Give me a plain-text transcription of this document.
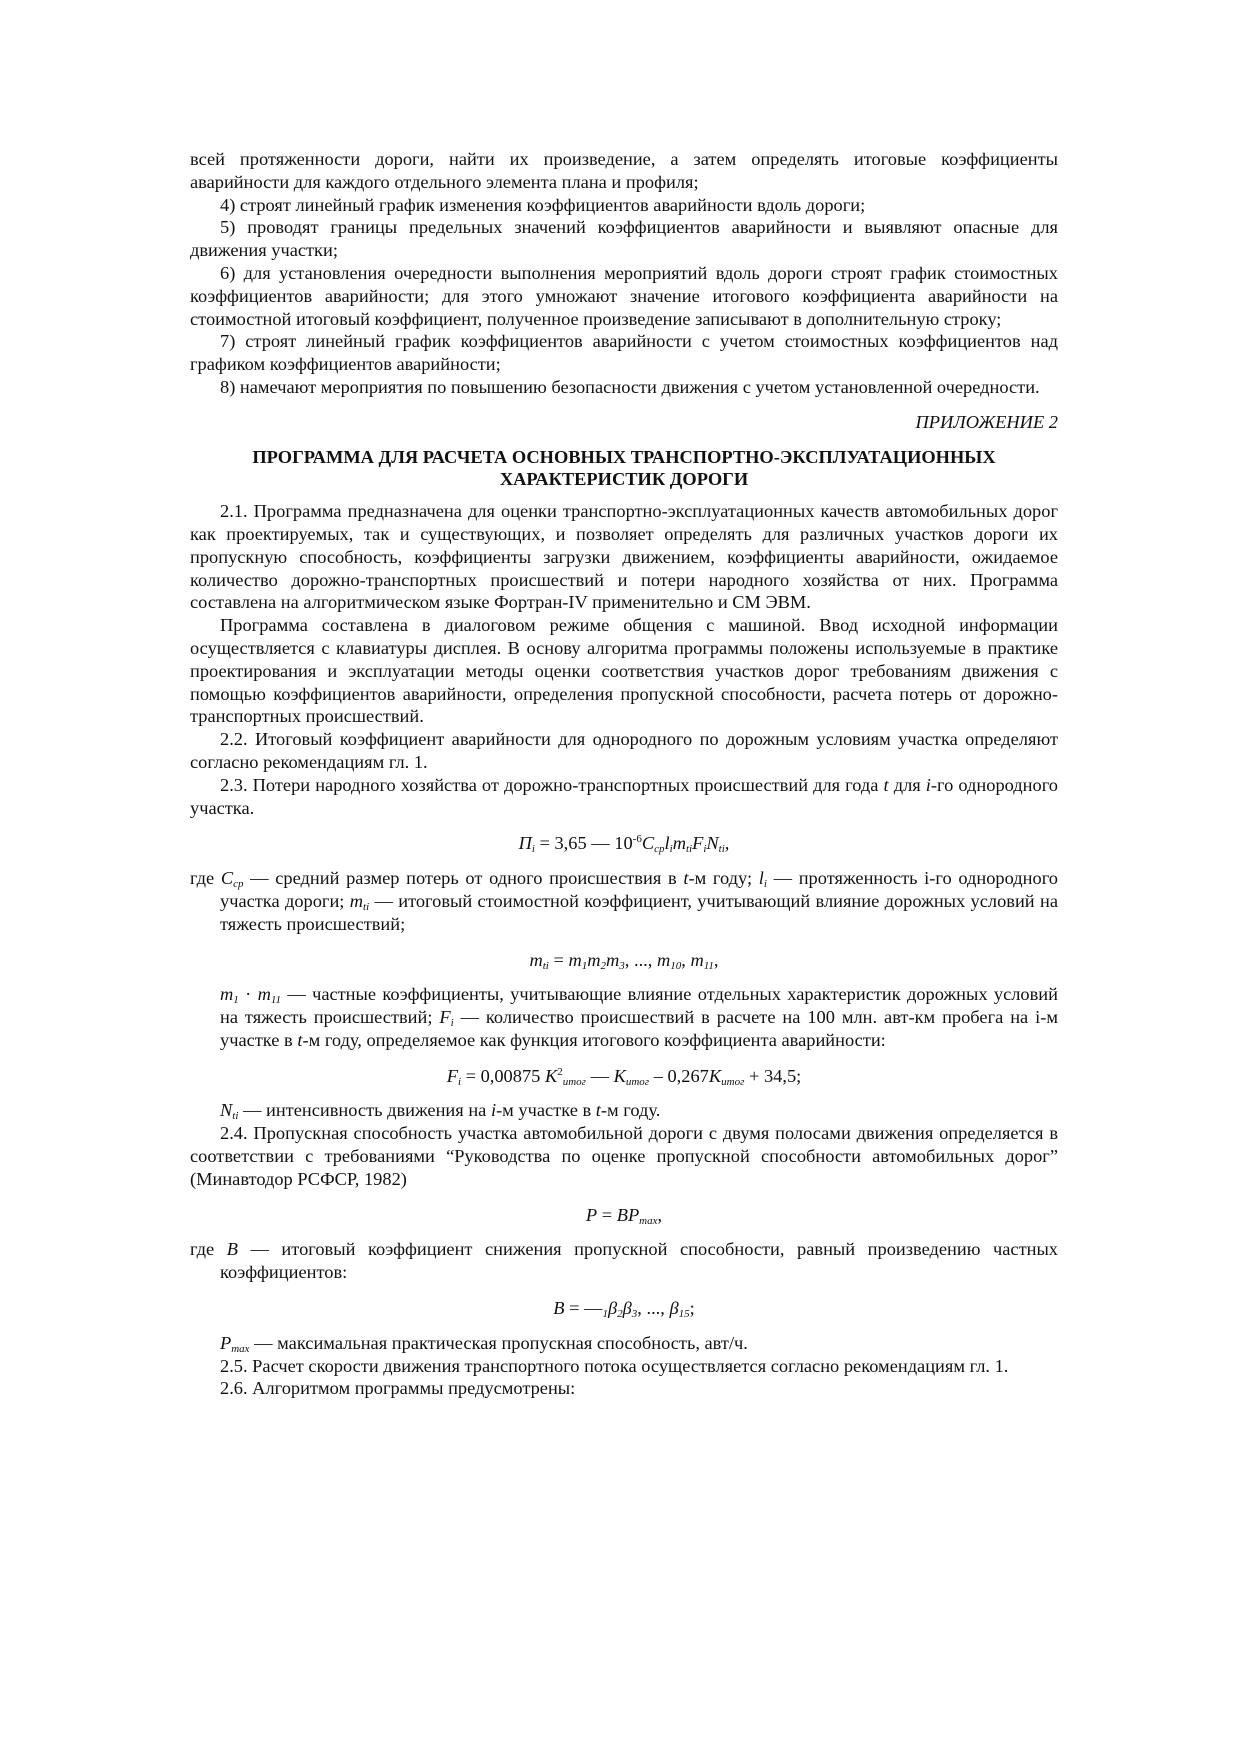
всей протяженности дороги, найти их произведение, а затем определять итоговые коэффициенты аварийности для каждого отдельного элемента плана и профиля;

4) строят линейный график изменения коэффициентов аварийности вдоль дороги;

5) проводят границы предельных значений коэффициентов аварийности и выявляют опасные для движения участки;

6) для установления очередности выполнения мероприятий вдоль дороги строят график стоимостных коэффициентов аварийности; для этого умножают значение итогового коэффициента аварийности на стоимостной итоговый коэффициент, полученное произведение записывают в дополнительную строку;

7) строят линейный график коэффициентов аварийности с учетом стоимостных коэффициентов над графиком коэффициентов аварийности;

8) намечают мероприятия по повышению безопасности движения с учетом установленной очередности.

ПРИЛОЖЕНИЕ 2

ПРОГРАММА ДЛЯ РАСЧЕТА ОСНОВНЫХ ТРАНСПОРТНО-ЭКСПЛУАТАЦИОННЫХ ХАРАКТЕРИСТИК ДОРОГИ

2.1. Программа предназначена для оценки транспортно-эксплуатационных качеств автомобильных дорог как проектируемых, так и существующих, и позволяет определять для различных участков дороги их пропускную способность, коэффициенты загрузки движением, коэффициенты аварийности, ожидаемое количество дорожно-транспортных происшествий и потери народного хозяйства от них. Программа составлена на алгоритмическом языке Фортран-IV применительно и СМ ЭВМ.

Программа составлена в диалоговом режиме общения с машиной. Ввод исходной информации осуществляется с клавиатуры дисплея. В основу алгоритма программы положены используемые в практике проектирования и эксплуатации методы оценки соответствия участков дорог требованиям движения с помощью коэффициентов аварийности, определения пропускной способности, расчета потерь от дорожно-транспортных происшествий.

2.2. Итоговый коэффициент аварийности для однородного по дорожным условиям участка определяют согласно рекомендациям гл. 1.

2.3. Потери народного хозяйства от дорожно-транспортных происшествий для года t для i-го однородного участка.

$П_i = 3,65$ — $10^{-6}C_{ср}l_im_{ti}F_iN_{ti}$,

где $C_{ср}$ — средний размер потерь от одного происшествия в t-м году; $l_i$ — протяженность i-го однородного участка дороги; $m_{ti}$ — итоговый стоимостной коэффициент, учитывающий влияние дорожных условий на тяжесть происшествий;

$m_{ti} = m_1m_2m_3$, ..., $m_{10}$, $m_{11}$,

$m_1 \cdot m_{11}$ — частные коэффициенты, учитывающие влияние отдельных характеристик дорожных условий на тяжесть происшествий; $F_i$ — количество происшествий в расчете на 100 млн. авт-км пробега на i-м участке в t-м году, определяемое как функция итогового коэффициента аварийности:

$F_i = 0,00875$ $K^2_{итог}$ — $K_{итог} - 0,267K_{итог} + 34,5$;

$N_{ti}$ — интенсивность движения на i-м участке в t-м году.

2.4. Пропускная способность участка автомобильной дороги с двумя полосами движения определяется в соответствии с требованиями “Руководства по оценке пропускной способности автомобильных дорог” (Минавтодор РСФСР, 1982)

$P = BP_{max}$,

где B — итоговый коэффициент снижения пропускной способности, равный произведению частных коэффициентов:

$B = —_1\beta_2\beta_3$, ..., $\beta_{15}$;

$P_{max}$ — максимальная практическая пропускная способность, авт/ч.

2.5. Расчет скорости движения транспортного потока осуществляется согласно рекомендациям гл. 1.

2.6. Алгоритмом программы предусмотрены:
